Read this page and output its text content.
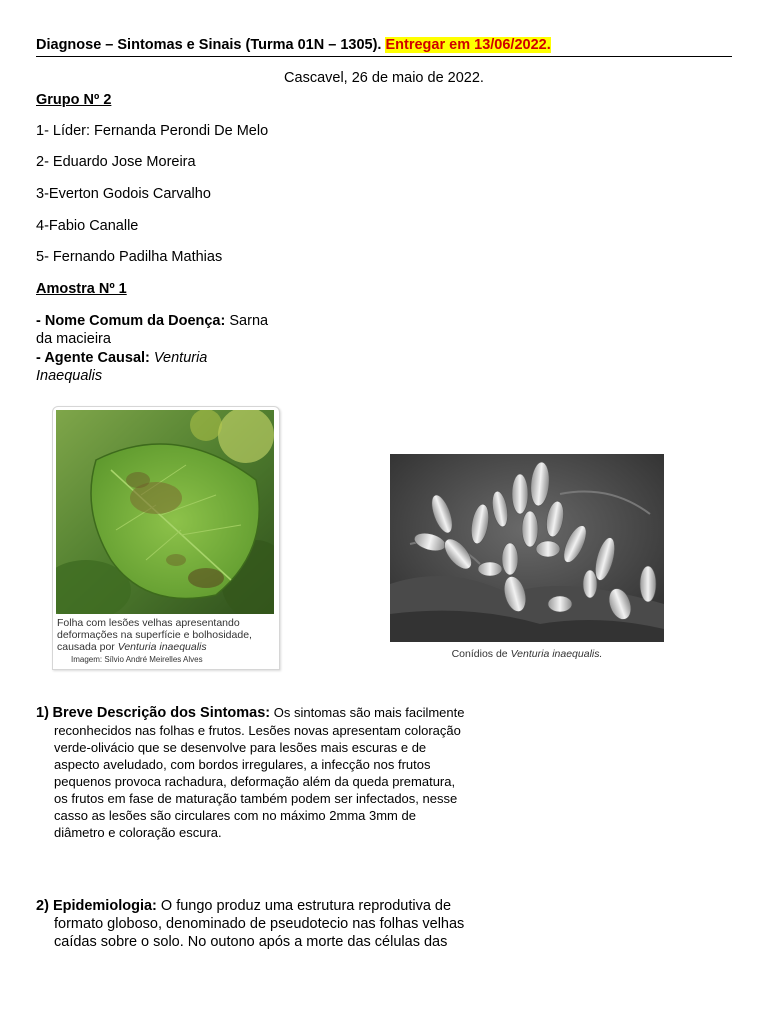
Diagnose – Sintomas e Sinais (Turma 01N – 1305). Entregar em 13/06/2022.
Cascavel, 26 de maio de 2022.
Grupo Nº 2
1- Líder: Fernanda Perondi De Melo
2- Eduardo Jose Moreira
3-Everton Godois Carvalho
4-Fabio Canalle
5- Fernando Padilha Mathias
Amostra Nº 1
- Nome Comum da Doença: Sarna
da macieira
- Agente Causal: Venturia
Inaequalis
Folha com lesões velhas apresentando
deformações na superfície e bolhosidade,
causada por Venturia inaequalis
Imagem: Sílvio André Meirelles Alves	Conídios de Venturia inaequalis.
1) Breve Descrição dos Sintomas: Os sintomas são mais facilmente
reconhecidos nas folhas e frutos. Lesões novas apresentam coloração
verde-olivácio que se desenvolve para lesões mais escuras e de
aspecto aveludado, com bordos irregulares, a infecção nos frutos
pequenos provoca rachadura, deformação além da queda prematura,
os frutos em fase de maturação também podem ser infectados, nesse
casso as lesões são circulares com no máximo 2mma 3mm de
diâmetro e coloração escura.
2) Epidemiologia: O fungo produz uma estrutura reprodutiva de
formato globoso, denominado de pseudotecio nas folhas velhas
caídas sobre o solo. No outono após a morte das células das
